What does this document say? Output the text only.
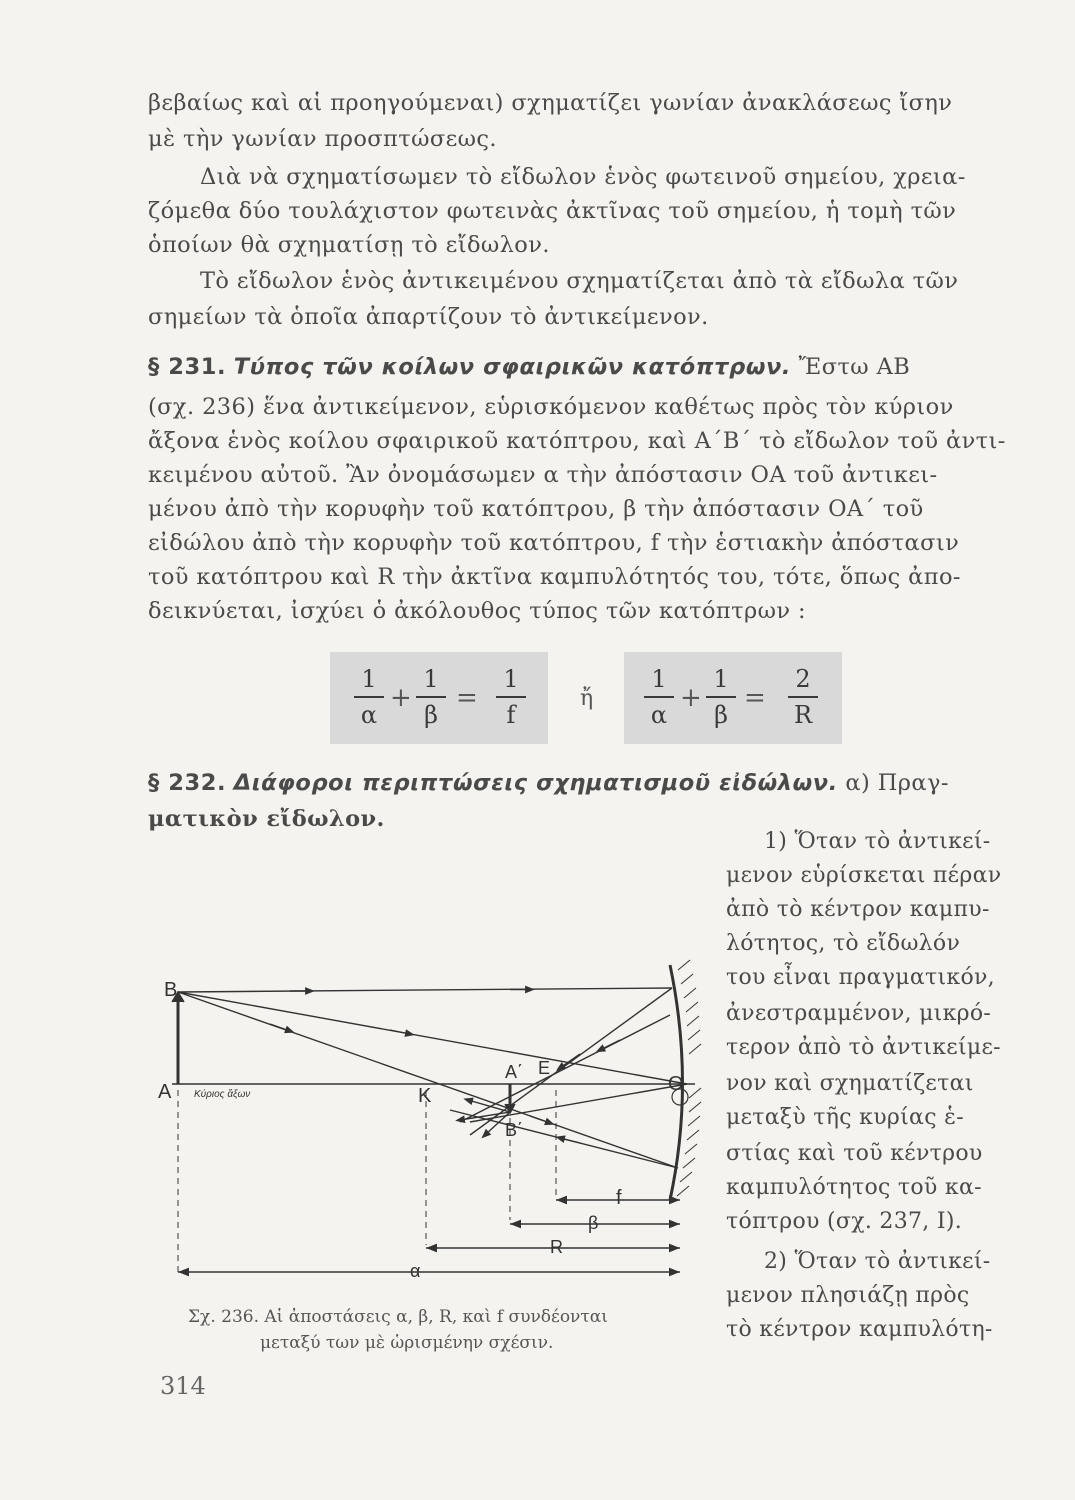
βεβαίως καὶ αἱ προηγούμεναι) σχηματίζει γωνίαν ἀνακλάσεως ἴσην
μὲ τὴν γωνίαν προσπτώσεως.
Διὰ νὰ σχηματίσωμεν τὸ εἴδωλον ἑνὸς φωτεινοῦ σημείου, χρεια-
ζόμεθα δύο τουλάχιστον φωτεινὰς ἀκτῖνας τοῦ σημείου, ἡ τομὴ τῶν
ὁποίων θὰ σχηματίσῃ τὸ εἴδωλον.
Τὸ εἴδωλον ἑνὸς ἀντικειμένου σχηματίζεται ἀπὸ τὰ εἴδωλα τῶν
σημείων τὰ ὁποῖα ἀπαρτίζουν τὸ ἀντικείμενον.
§ 231. Τύπος τῶν κοίλων σφαιρικῶν κατόπτρων. Ἔστω ΑΒ
(σχ. 236) ἕνα ἀντικείμενον, εὑρισκόμενον καθέτως πρὸς τὸν κύριον
ἄξονα ἑνὸς κοίλου σφαιρικοῦ κατόπτρου, καὶ Α΄Β΄ τὸ εἴδωλον τοῦ ἀντι-
κειμένου αὐτοῦ. Ἂν ὀνομάσωμεν α τὴν ἀπόστασιν ΟΑ τοῦ ἀντικει-
μένου ἀπὸ τὴν κορυφὴν τοῦ κατόπτρου, β τὴν ἀπόστασιν ΟΑ΄ τοῦ
εἰδώλου ἀπὸ τὴν κορυφὴν τοῦ κατόπτρου, f τὴν ἑστιακὴν ἀπόστασιν
τοῦ κατόπτρου καὶ R τὴν ἀκτῖνα καμπυλότητός του, τότε, ὅπως ἀπο-
δεικνύεται, ἰσχύει ὁ ἀκόλουθος τύπος τῶν κατόπτρων :
1
α
+
1
β
=
1
f
ἤ
1
α
+
1
β
=
2
R
§ 232. Διάφοροι περιπτώσεις σχηματισμοῦ εἰδώλων. α) Πραγ-
ματικὸν εἴδωλον.
1) Ὅταν τὸ ἀντικεί-
μενον εὑρίσκεται πέραν
ἀπὸ τὸ κέντρον καμπυ-
λότητος, τὸ εἴδωλόν
του εἶναι πραγματικόν,
ἀνεστραμμένον, μικρό-
τερον ἀπὸ τὸ ἀντικείμε-
νον καὶ σχηματίζεται
μεταξὺ τῆς κυρίας ἑ-
στίας καὶ τοῦ κέντρου
καμπυλότητος τοῦ κα-
τόπτρου (σχ. 237, Ι).
2) Ὅταν τὸ ἀντικεί-
μενον πλησιάζῃ πρὸς
τὸ κέντρον καμπυλότη-
B
A Κύριος ἄξων	K
A΄ E
O
B΄
f
β
R
α
Σχ. 236. Αἱ ἀποστάσεις α, β, R, καὶ f συνδέονται
μεταξύ των μὲ ὡρισμένην σχέσιν.
314
